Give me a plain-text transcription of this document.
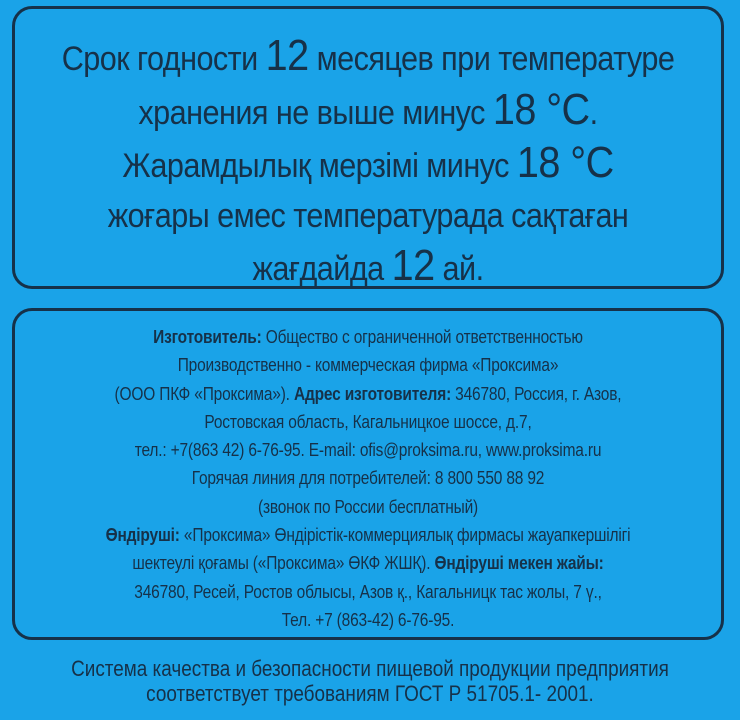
Срок годности 12 месяцев при температуре
хранения не выше минус 18 °C.
Жарамдылық мерзімі минус 18 °C
жоғары емес температурада сақтаған
жағдайда 12 ай.
Изготовитель: Общество с ограниченной ответственностью
Производственно - коммерческая фирма «Проксима»
(ООО ПКФ «Проксима»). Адрес изготовителя: 346780, Россия, г. Азов,
Ростовская область, Кагальницкое шоссе, д.7,
тел.: +7(863 42) 6-76-95. E-mail: ofis@proksima.ru, www.proksima.ru
Горячая линия для потребителей: 8 800 550 88 92
(звонок по России бесплатный)
Өндіруші: «Проксима» Өндірістік-коммерциялық фирмасы жауапкершілігі
шектеулі қоғамы («Проксима» ӨКФ ЖШҚ). Өндіруші мекен жайы:
346780, Ресей, Ростов облысы, Азов қ., Кагальницк тас жолы, 7 ү.,
Тел. +7 (863-42) 6-76-95.
Система качества и безопасности пищевой продукции предприятия
соответствует требованиям ГОСТ Р 51705.1- 2001.
